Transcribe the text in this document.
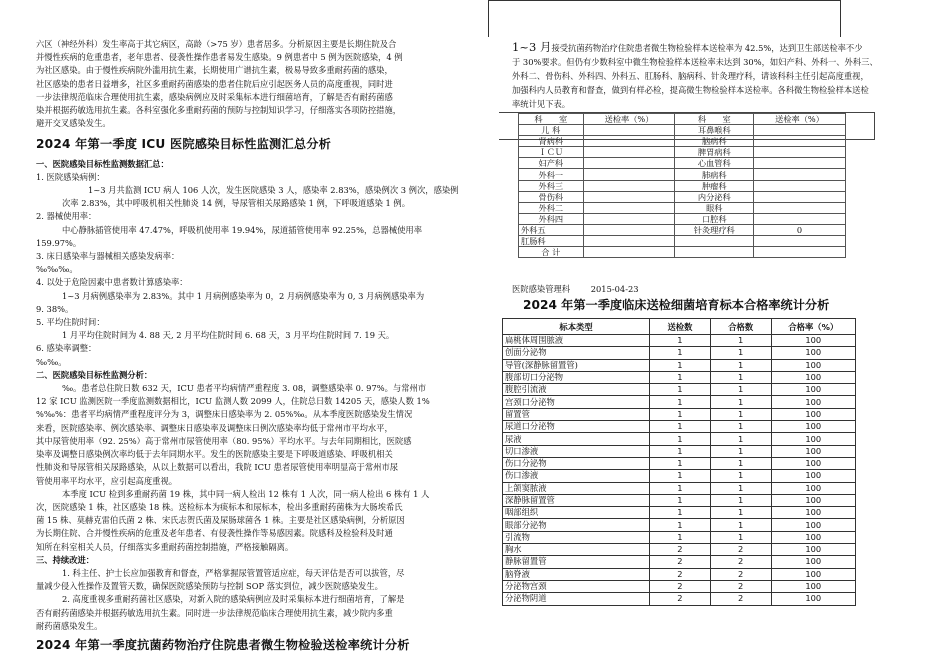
六区（神经外科）发生率高于其它病区，高龄（>75 岁）患者居多。分析原因主要是长期住院及合

并慢性疾病的危重患者，老年患者、侵袭性操作患者易发生感染。9 例患者中 5 例为医院感染，4 例

为社区感染。由于慢性疾病院外滥用抗生素，长期使用广谱抗生素，极易导致多重耐药菌的感染，

社区感染的患者日益增多，社区多重耐药菌感染的患者住院后应引起医务人员的高度重视，同时进

一步法律规范临床合理使用抗生素，感染病例应及时采集标本进行细菌培育，了解是否有耐药菌感

染并根据药敏选用抗生素。各科室强化多重耐药菌的预防与控制知识学习，仔细落实各项防控措施，

避开交叉感染发生。

2024 年第一季度 ICU 医院感染目标性监测汇总分析

一、医院感染目标性监测数据汇总：

1. 医院感染病例：

1~3 月共监测 ICU 病人 106 人次，发生医院感染 3 人，感染率 2.83%，感染例次 3 例次，感染例

次率 2.83%，其中呼吸机相关性肺炎 14 例，导尿管相关尿路感染 1 例，下呼吸道感染 1 例。

2. 器械使用率：

中心静脉插管使用率 47.47%，呼吸机使用率 19.94%，尿道插管使用率 92.25%，总器械使用率

159.97%。

3. 床日感染率与器械相关感染发病率：

‰‰‰。

4. 以处于危险因素中患者数计算感染率：

1~3 月病例感染率为 2.83%。其中 1 月病例感染率为 0，2 月病例感染率为 0, 3 月病例感染率为

9. 38%。

5. 平均住院时间：

1 月平均住院时间为 4. 88 天, 2 月平均住院时间 6. 68 天，3 月平均住院时间 7. 19 天。

6. 感染率调整：

‰‰。

二、医院感染目标性监测分析：

‰。患者总住院日数 632 天，ICU 患者平均病情严重程度 3. 08，调整感染率 0. 97%。与常州市

12 家 ICU 监测医院一季度监测数据相比，ICU 监测人数 2099 人，住院总日数 14205 天，感染人数 1%

%‰%：患者平均病情严重程度评分为 3，调整床日感染率为 2. 05%‰。从本季度医院感染发生情况

来看，医院感染率、例次感染率、调整床日感染率及调整床日例次感染率均低于常州市平均水平，

其中尿管使用率（92. 25%）高于常州市尿管使用率（80. 95%）平均水平。与去年同期相比，医院感

染率及调整日感染例次率均低于去年同期水平。发生的医院感染主要是下呼吸道感染、呼吸机相关

性肺炎和导尿管相关尿路感染，从以上数据可以看出，我院 ICU 患者尿管使用率明显高于常州市尿

管使用率平均水平，应引起高度重视。

本季度 ICU 检到多重耐药菌 19 株，其中同一病人检出 12 株有 1 人次，同一病人检出 6 株有 1 人

次，医院感染 1 株，社区感染 18 株。送检标本为痰标本和尿标本，检出多重耐药菌株为大肠埃希氏

菌 15 株、莫赫克雷伯氏菌 2 株、宋氏志贺氏菌及屎肠球菌各 1 株。主要是社区感染病例，分析原因

为长期住院、合并慢性疾病的危重及老年患者、有侵袭性操作等易感因素。院感科及检验科及时通

知所在科室相关人员，仔细落实多重耐药菌控制措施，严格接触隔离。

三、持续改进：

1. 科主任、护士长应加强教育和督查，严格掌握尿管置管适应症，每天评估是否可以拔管，尽

量减少侵入性操作及置管天数，确保医院感染预防与控制 SOP 落实到位，减少医院感染发生。

2. 高度重视多重耐药菌社区感染，对新入院的感染病例应及时采集标本进行细菌培育，了解是

否有耐药菌感染并根据药敏选用抗生素。同时进一步法律规范临床合理使用抗生素，减少院内多重

耐药菌感染发生。

2024 年第一季度抗菌药物治疗住院患者微生物检验送检率统计分析

1~3 月接受抗菌药物治疗住院患者微生物检验样本送检率为 42.5%，达到卫生部送检率不少

于 30%要求。但仍有少数科室中微生物检验样本送检率未达到 30%，如妇产科、外科一、外科三、

外科二、骨伤科、外科四、外科五、肛肠科、脑病科、针灸理疗科，请该科科主任引起高度重视，

加强科内人员教育和督查，做到有样必检，提高微生物检验样本送检率。各科微生物检验样本送检

率统计见下表。

科　　室	送检率（%）	科　　室	送检率（%）
儿 科		耳鼻喉科	
肾病科		脑病科	
ＩＣＵ		脾胃病科	
妇产科		心血管科	
外科一		肺病科	
外科三		肿瘤科	
骨伤科		内分泌科	
外科二		眼科	
外科四		口腔科	
外科五		针灸理疗科	0
肛肠科			
合 计			
医院感染管理科 2015-04-23
2024 年第一季度临床送检细菌培育标本合格率统计分析
标本类型	送检数	合格数	合格率（%）
扁桃体周围脓液	1	1	100
创面分泌物	1	1	100
导管(深静脉留置管)	1	1	100
腹部切口分泌物	1	1	100
腹腔引流液	1	1	100
宫颈口分泌物	1	1	100
留置管	1	1	100
尿道口分泌物	1	1	100
尿液	1	1	100
切口渗液	1	1	100
伤口分泌物	1	1	100
伤口渗液	1	1	100
上颌窦脓液	1	1	100
深静脉留置管	1	1	100
咽部组织	1	1	100
眼部分泌物	1	1	100
引流物	1	1	100
胸水	2	2	100
静脉留置管	2	2	100
脑脊液	2	2	100
分泌物宫颈	2	2	100
分泌物阴道	2	2	100
